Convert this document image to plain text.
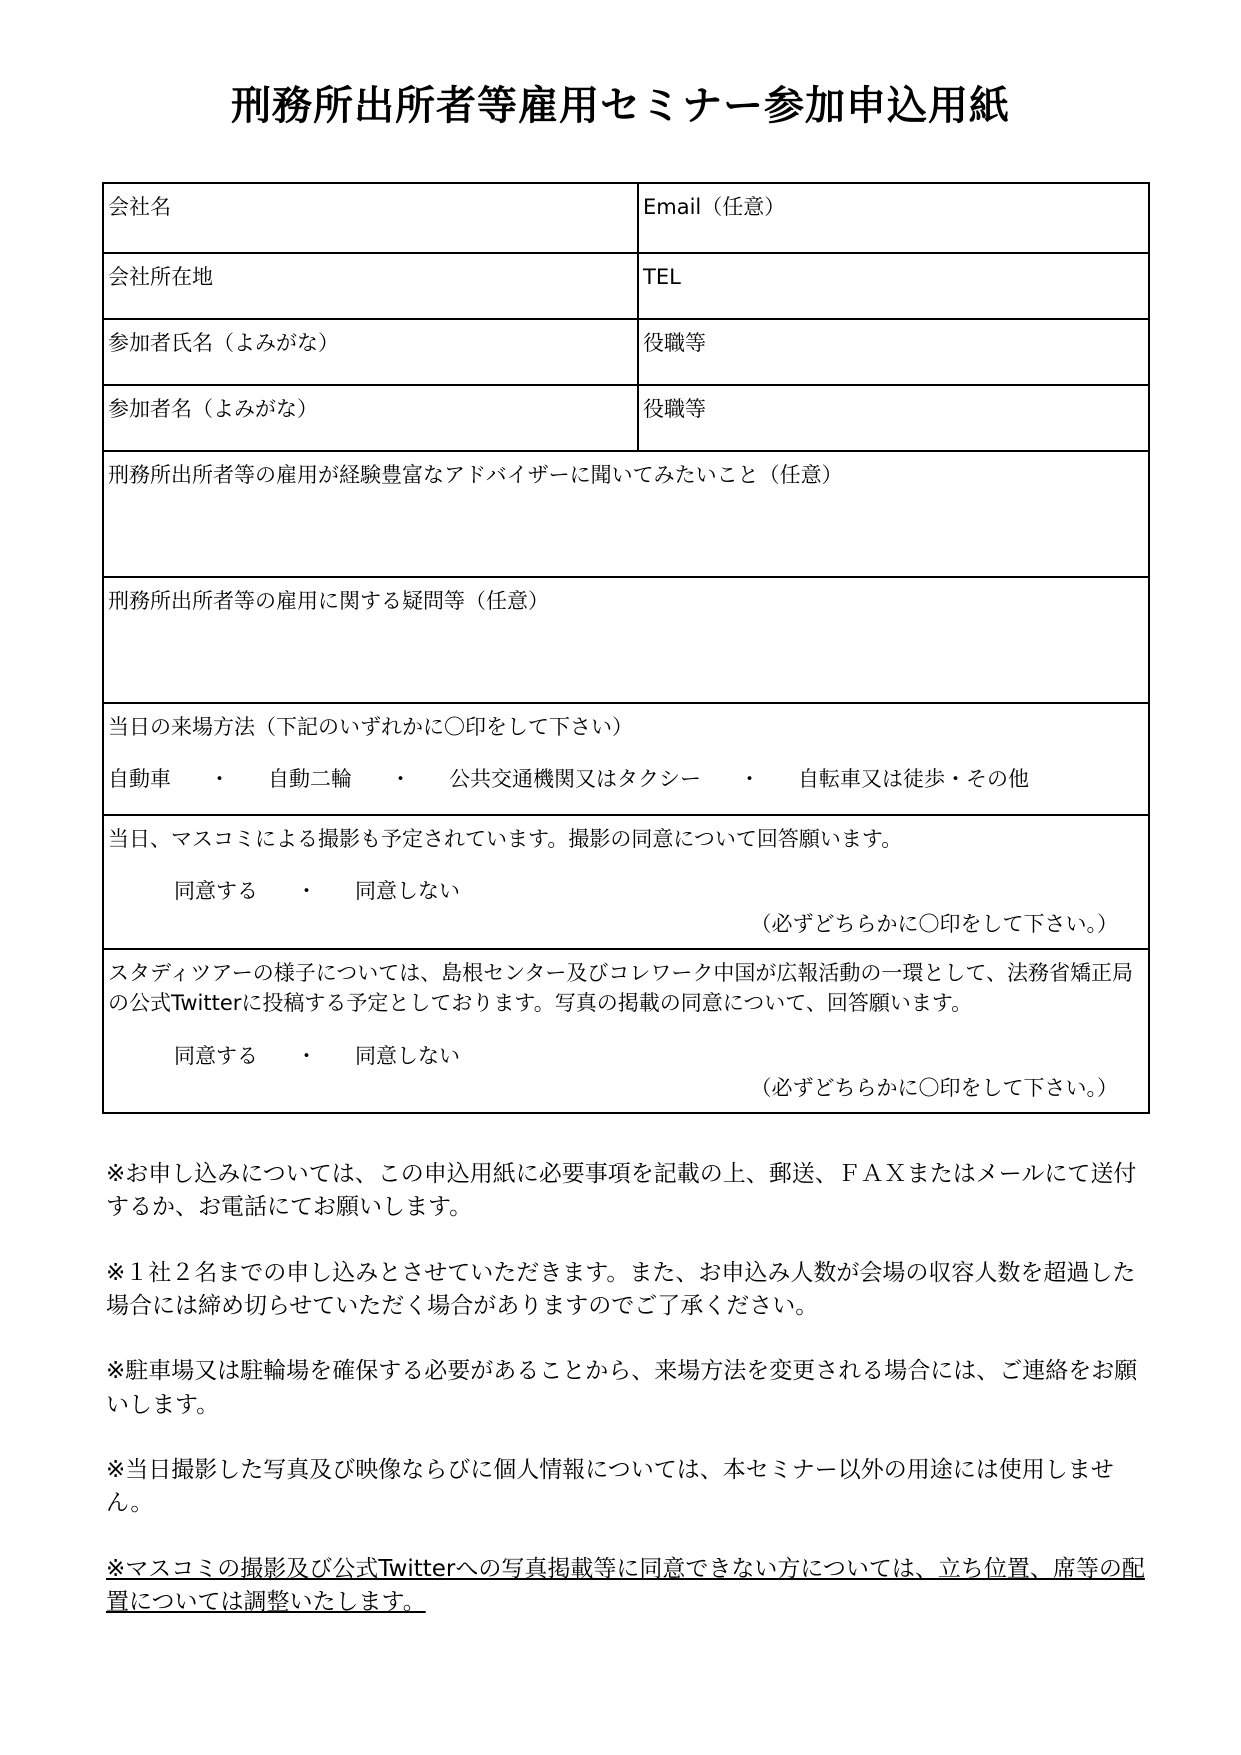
刑務所出所者等雇用セミナー参加申込用紙
会社名	Email（任意）
会社所在地	TEL
参加者氏名（よみがな）	役職等
参加者名（よみがな）	役職等
刑務所出所者等の雇用が経験豊富なアドバイザーに聞いてみたいこと（任意）	
刑務所出所者等の雇用に関する疑問等（任意）	

当日の来場方法（下記のいずれかに〇印をして下さい）
自動車 ・ 自動二輪 ・ 公共交通機関又はタクシー ・ 自転車又は徒歩・その他	

当日、マスコミによる撮影も予定されています。撮影の同意について回答願います。
同意する ・ 同意しない
（必ずどちらかに〇印をして下さい。）	

スタディツアーの様子については、島根センター及びコレワーク中国が広報活動の一環として、法務省矯正局の公式Twitterに投稿する予定としております。写真の掲載の同意について、回答願います。
同意する ・ 同意しない
（必ずどちらかに〇印をして下さい。）	

※お申し込みについては、この申込用紙に必要事項を記載の上、郵送、ＦＡＸまたはメールにて送付するか、お電話にてお願いします。

※１社２名までの申し込みとさせていただきます。また、お申込み人数が会場の収容人数を超過した場合には締め切らせていただく場合がありますのでご了承ください。

※駐車場又は駐輪場を確保する必要があることから、来場方法を変更される場合には、ご連絡をお願いします。

※当日撮影した写真及び映像ならびに個人情報については、本セミナー以外の用途には使用しません。

※マスコミの撮影及び公式Twitterへの写真掲載等に同意できない方については、立ち位置、席等の配置については調整いたします。
